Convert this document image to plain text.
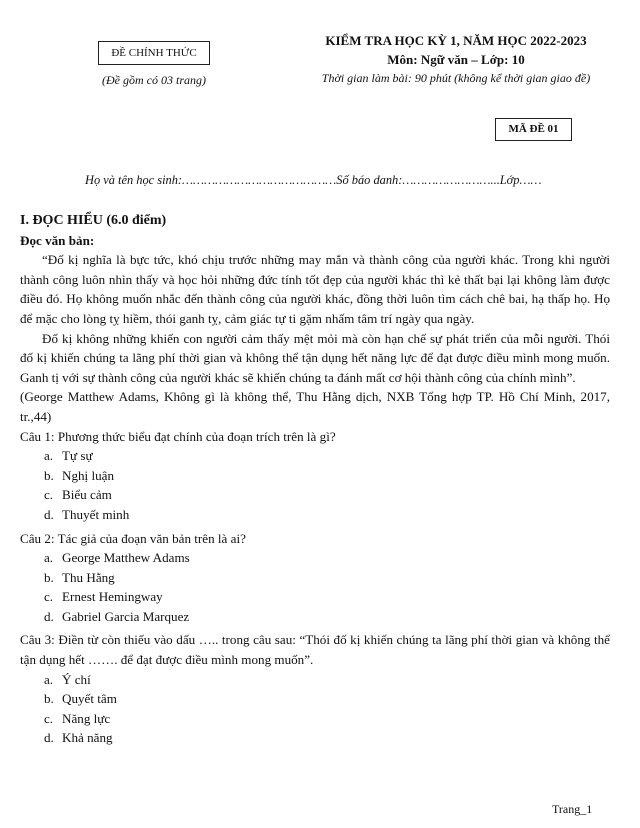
ĐỀ CHÍNH THỨC
(Đề gồm có 03 trang)
KIỂM TRA HỌC KỲ 1, NĂM HỌC 2022-2023
Môn: Ngữ văn – Lớp: 10
Thời gian làm bài: 90 phút (không kể thời gian giao đề)
MÃ ĐỀ 01
Họ và tên học sinh:……………………………………Số báo danh:……………………...Lớp……

I. ĐỌC HIỂU (6.0 điểm)

Đọc văn bản:

“Đố kị nghĩa là bực tức, khó chịu trước những may mắn và thành công của người khác. Trong khi người thành công luôn nhìn thấy và học hỏi những đức tính tốt đẹp của người khác thì kẻ thất bại lại không làm được điều đó. Họ không muốn nhắc đến thành công của người khác, đồng thời luôn tìm cách chê bai, hạ thấp họ. Họ để mặc cho lòng tỵ hiềm, thói ganh tỵ, cảm giác tự ti gặm nhấm tâm trí ngày qua ngày.

Đố kị không những khiến con người cảm thấy mệt mỏi mà còn hạn chế sự phát triển của mỗi người. Thói đố kị khiến chúng ta lãng phí thời gian và không thể tận dụng hết năng lực để đạt được điều mình mong muốn. Ganh tị với sự thành công của người khác sẽ khiến chúng ta đánh mất cơ hội thành công của chính mình”.

(George Matthew Adams, Không gì là không thể, Thu Hằng dịch, NXB Tổng hợp TP. Hồ Chí Minh, 2017, tr.,44)

Câu 1: Phương thức biểu đạt chính của đoạn trích trên là gì?

a. Tự sự
b. Nghị luận
c. Biểu cảm
d. Thuyết minh

Câu 2: Tác giả của đoạn văn bản trên là ai?

a. George Matthew Adams
b. Thu Hằng
c. Ernest Hemingway
d. Gabriel Garcia Marquez

Câu 3: Điền từ còn thiếu vào dấu ….. trong câu sau: “Thói đố kị khiến chúng ta lãng phí thời gian và không thể tận dụng hết ……. để đạt được điều mình mong muốn”.

a. Ý chí
b. Quyết tâm
c. Năng lực
d. Khả năng
Trang_1
